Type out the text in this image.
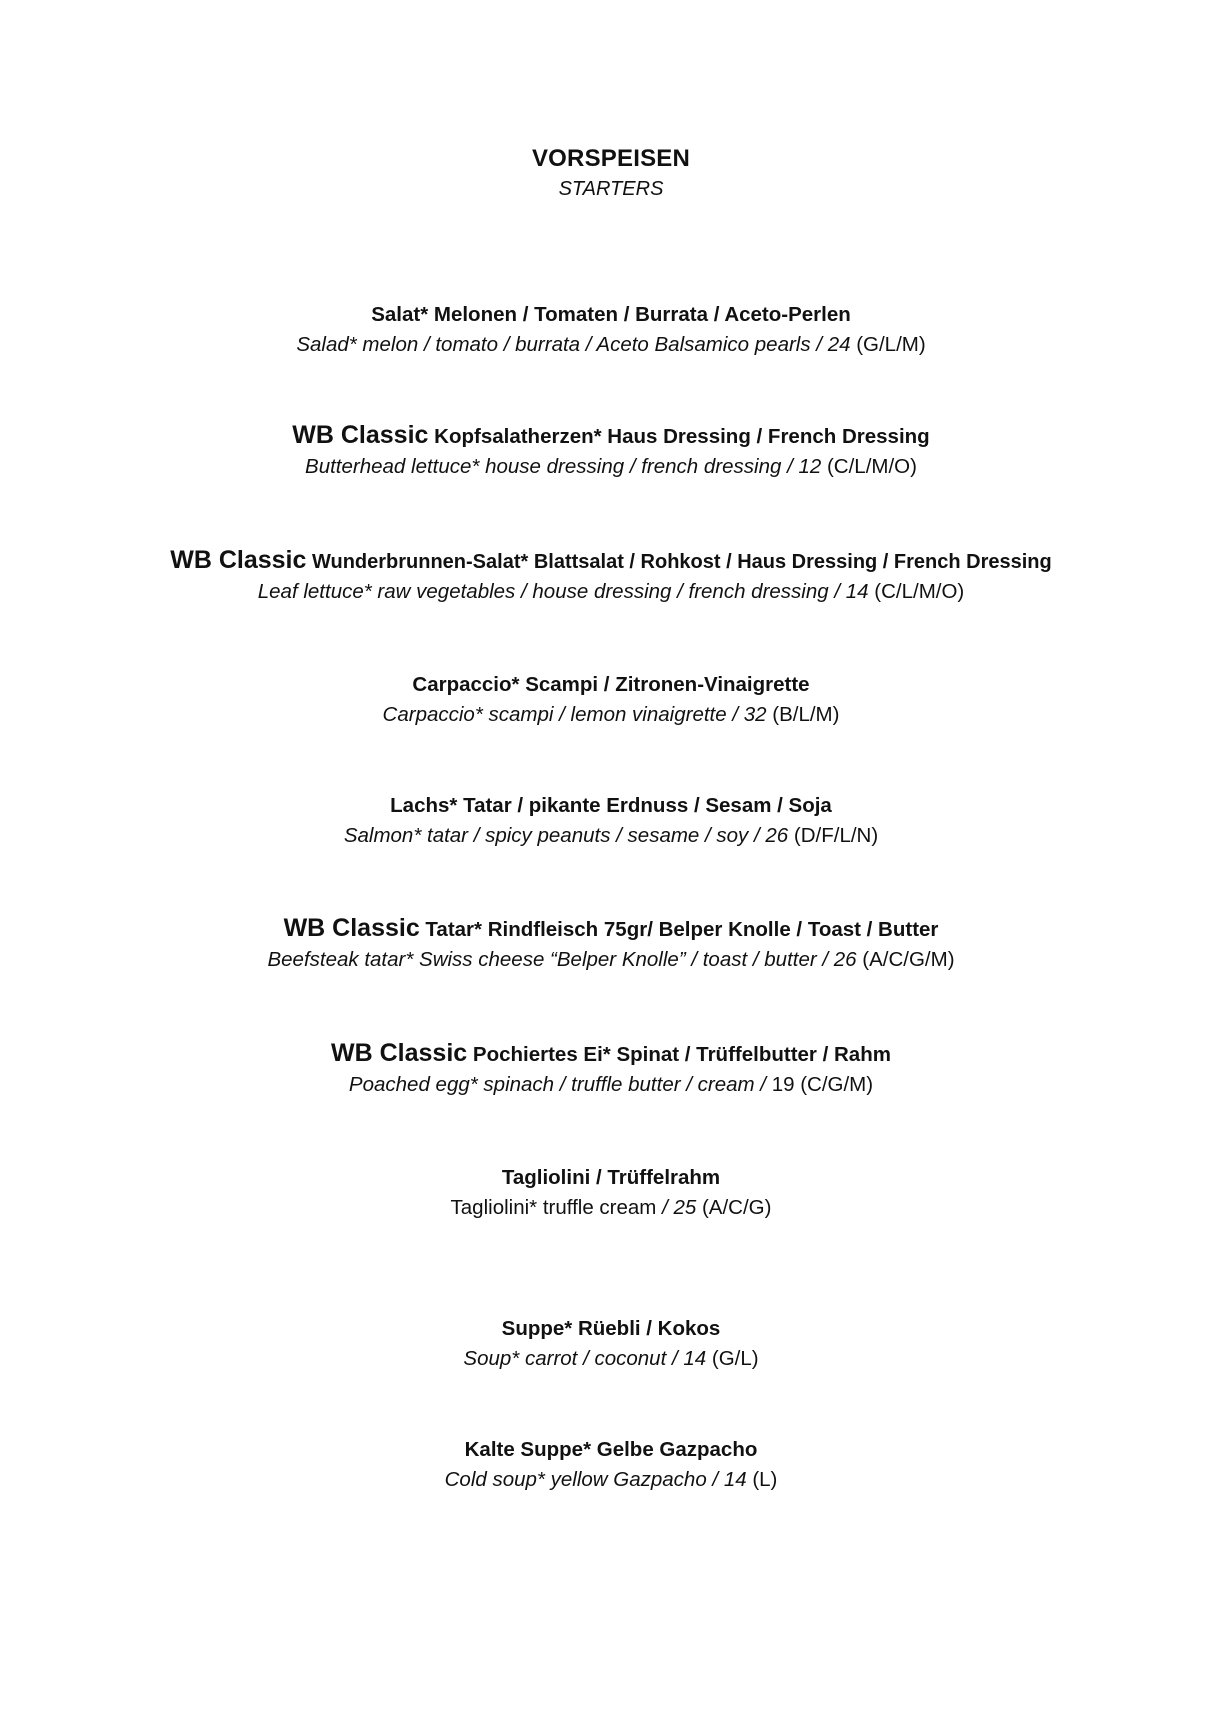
VORSPEISEN
STARTERS
Salat* Melonen / Tomaten / Burrata / Aceto-Perlen
Salad* melon / tomato / burrata / Aceto Balsamico pearls / 24 (G/L/M)
WB Classic Kopfsalatherzen* Haus Dressing / French Dressing
Butterhead lettuce* house dressing / french dressing / 12 (C/L/M/O)
WB Classic Wunderbrunnen-Salat* Blattsalat / Rohkost / Haus Dressing / French Dressing
Leaf lettuce* raw vegetables / house dressing / french dressing / 14 (C/L/M/O)
Carpaccio* Scampi / Zitronen-Vinaigrette
Carpaccio* scampi / lemon vinaigrette / 32 (B/L/M)
Lachs* Tatar / pikante Erdnuss / Sesam / Soja
Salmon* tatar / spicy peanuts / sesame / soy / 26 (D/F/L/N)
WB Classic Tatar* Rindfleisch 75gr/ Belper Knolle / Toast / Butter
Beefsteak tatar* Swiss cheese “Belper Knolle” / toast / butter / 26 (A/C/G/M)
WB Classic Pochiertes Ei* Spinat / Trüffelbutter / Rahm
Poached egg* spinach / truffle butter / cream / 19 (C/G/M)
Tagliolini / Trüffelrahm
Tagliolini* truffle cream / 25 (A/C/G)
Suppe* Rüebli / Kokos
Soup* carrot / coconut / 14 (G/L)
Kalte Suppe* Gelbe Gazpacho
Cold soup* yellow Gazpacho / 14 (L)
